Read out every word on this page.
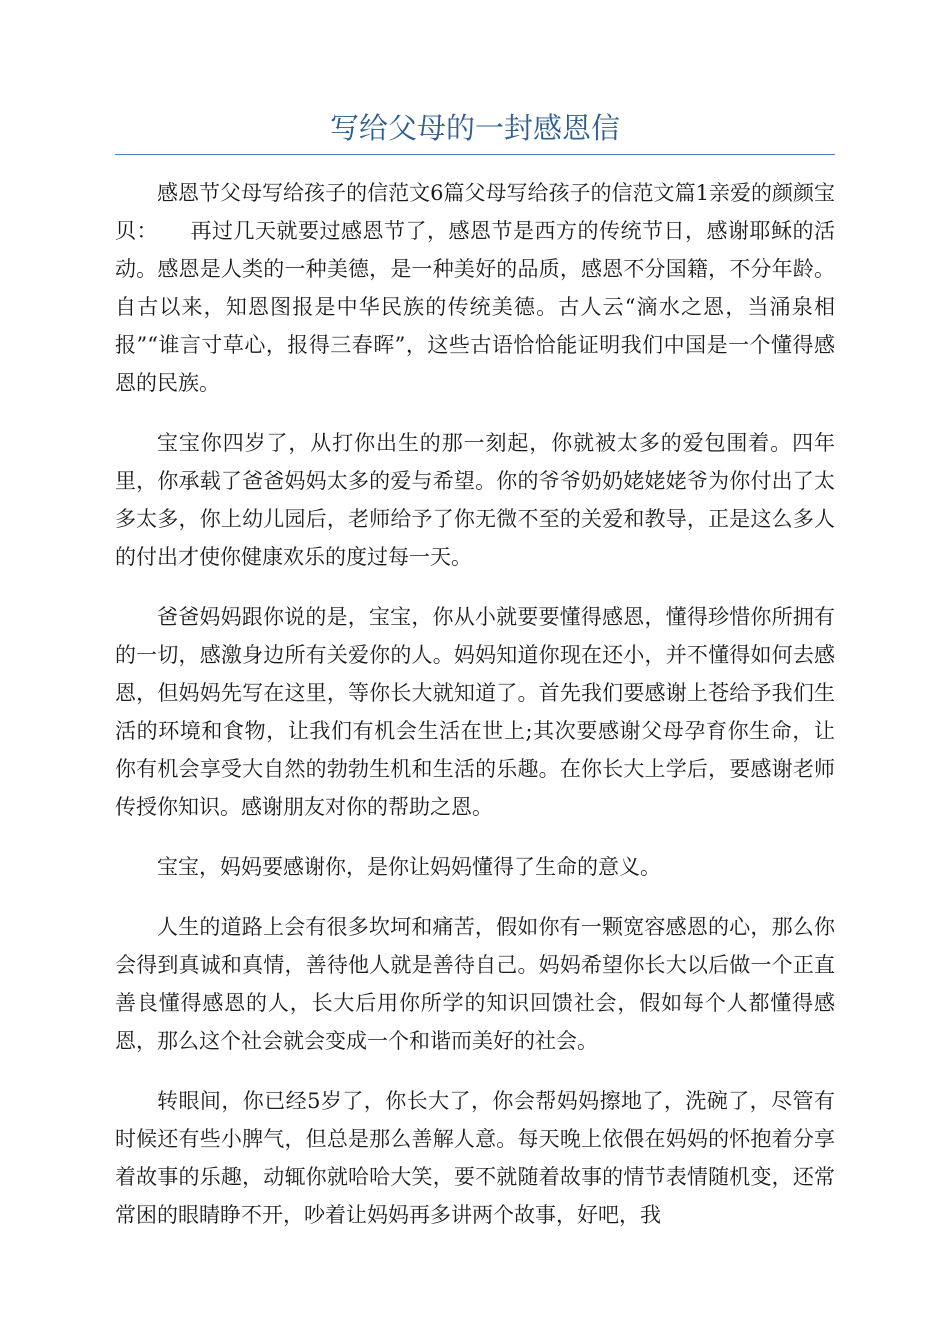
写给父母的一封感恩信

感恩节父母写给孩子的信范文6篇父母写给孩子的信范文篇1亲爱的颜颜宝贝：　　再过几天就要过感恩节了，感恩节是西方的传统节日，感谢耶稣的活动。感恩是人类的一种美德，是一种美好的品质，感恩不分国籍，不分年龄。自古以来，知恩图报是中华民族的传统美德。古人云“滴水之恩，当涌泉相报”“谁言寸草心，报得三春晖”，这些古语恰恰能证明我们中国是一个懂得感恩的民族。

宝宝你四岁了，从打你出生的那一刻起，你就被太多的爱包围着。四年里，你承载了爸爸妈妈太多的爱与希望。你的爷爷奶奶姥姥姥爷为你付出了太多太多，你上幼儿园后，老师给予了你无微不至的关爱和教导，正是这么多人的付出才使你健康欢乐的度过每一天。

爸爸妈妈跟你说的是，宝宝，你从小就要要懂得感恩，懂得珍惜你所拥有的一切，感激身边所有关爱你的人。妈妈知道你现在还小，并不懂得如何去感恩，但妈妈先写在这里，等你长大就知道了。首先我们要感谢上苍给予我们生活的环境和食物，让我们有机会生活在世上;其次要感谢父母孕育你生命，让你有机会享受大自然的勃勃生机和生活的乐趣。在你长大上学后，要感谢老师传授你知识。感谢朋友对你的帮助之恩。

宝宝，妈妈要感谢你，是你让妈妈懂得了生命的意义。

人生的道路上会有很多坎坷和痛苦，假如你有一颗宽容感恩的心，那么你会得到真诚和真情，善待他人就是善待自己。妈妈希望你长大以后做一个正直善良懂得感恩的人，长大后用你所学的知识回馈社会，假如每个人都懂得感恩，那么这个社会就会变成一个和谐而美好的社会。

转眼间，你已经5岁了，你长大了，你会帮妈妈擦地了，洗碗了，尽管有时候还有些小脾气，但总是那么善解人意。每天晚上依偎在妈妈的怀抱着分享着故事的乐趣，动辄你就哈哈大笑，要不就随着故事的情节表情随机变，还常常困的眼睛睁不开，吵着让妈妈再多讲两个故事，好吧，我
